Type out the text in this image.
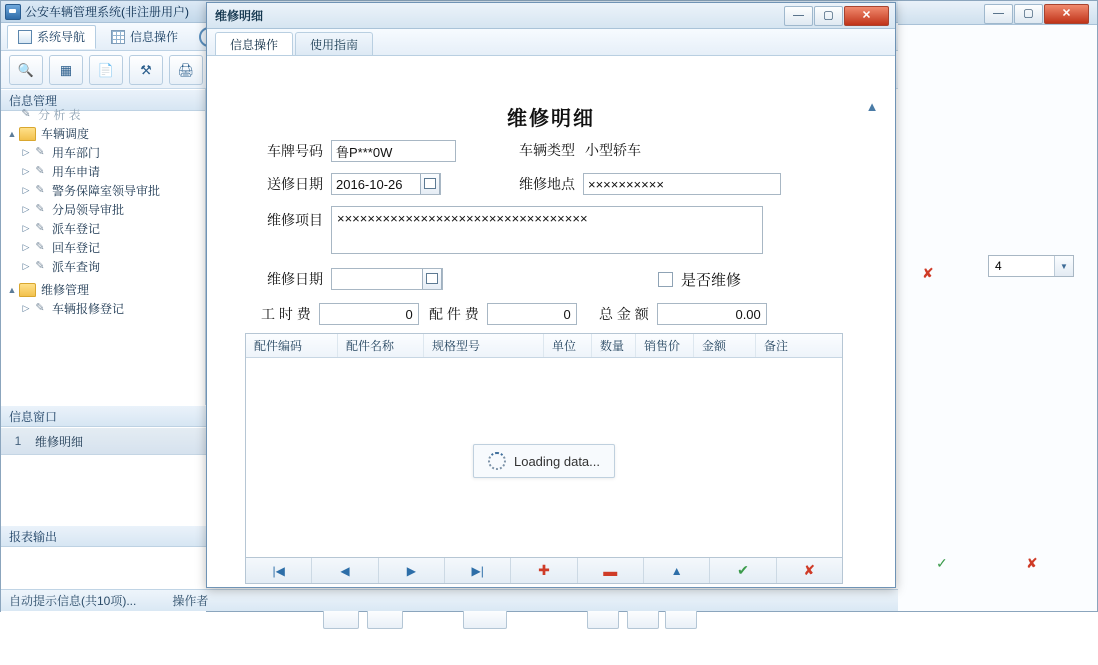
公安车辆管理系统(非注册用户)
系统导航	信息操作
🔍 ▦ 📄 ⚒ 🖨
信息管理
✎ 分 析 表
▲ 车辆调度
▷ ✎ 用车部门
▷ ✎ 用车申请
▷ ✎ 警务保障室领导审批
▷ ✎ 分局领导审批
▷ ✎ 派车登记
▷ ✎ 回车登记
▷ ✎ 派车查询
▲ 维修管理
▷ ✎ 车辆报修登记
信息窗口
1	维修明细
报表输出
自动提示信息(共10项)...	操作者
✘	4	▼
✓	✘
— ▢	✕
维修明细	— ▢	✕
信息操作	使用指南
▲
维修明细
车牌号码	鲁P***0W	车辆类型 小型轿车
送修日期 2016-10-26	维修地点	××××××××××
维修项目	×××××××××××××××××××××××××××××××××
维修日期	是否维修
工 时 费	0	配 件 费	0	总 金 额	0.00
配件编码	配件名称	规格型号	单位	数量	销售价	金额	备注
Loading data...
|◀	◀	▶	▶|	✚	▬	▲	✔	✘
